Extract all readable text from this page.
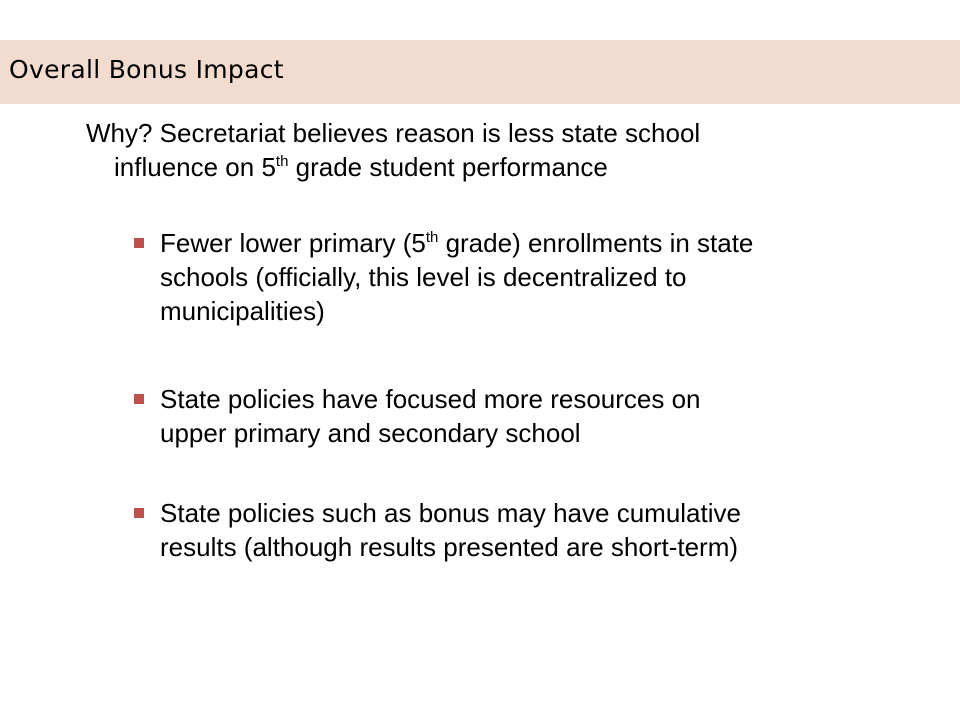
Overall Bonus Impact
Why? Secretariat believes reason is less state school
influence on 5th grade student performance
Fewer lower primary (5th grade) enrollments in state
schools (officially, this level is decentralized to
municipalities)
State policies have focused more resources on
upper primary and secondary school
State policies such as bonus may have cumulative
results (although results presented are short-term)
